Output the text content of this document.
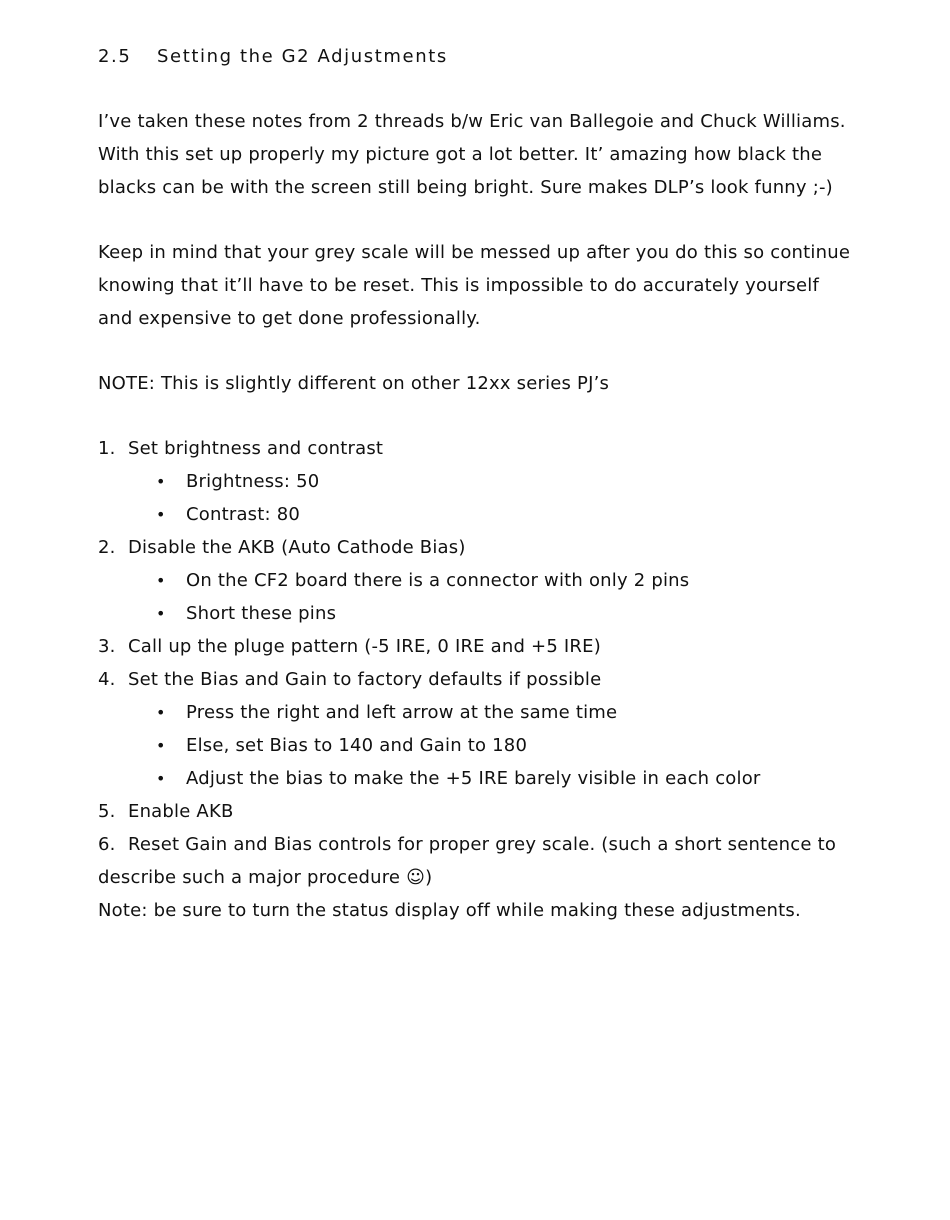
2.5 Setting the G2 Adjustments

I’ve taken these notes from 2 threads b/w Eric van Ballegoie and Chuck Williams. With this set up properly my picture got a lot better. It’ amazing how black the blacks can be with the screen still being bright. Sure makes DLP’s look funny ;-)

Keep in mind that your grey scale will be messed up after you do this so continue knowing that it’ll have to be reset. This is impossible to do accurately yourself and expensive to get done professionally.

NOTE: This is slightly different on other 12xx series PJ’s

1. Set brightness and contrast
• Brightness: 50
• Contrast: 80
2. Disable the AKB (Auto Cathode Bias)
• On the CF2 board there is a connector with only 2 pins
• Short these pins
3. Call up the pluge pattern (-5 IRE, 0 IRE and +5 IRE)
4. Set the Bias and Gain to factory defaults if possible
• Press the right and left arrow at the same time
• Else, set Bias to 140 and Gain to 180
• Adjust the bias to make the +5 IRE barely visible in each color
5. Enable AKB
6. Reset Gain and Bias controls for proper grey scale. (such a short sentence to describe such a major procedure ☺)
Note: be sure to turn the status display off while making these adjustments.
